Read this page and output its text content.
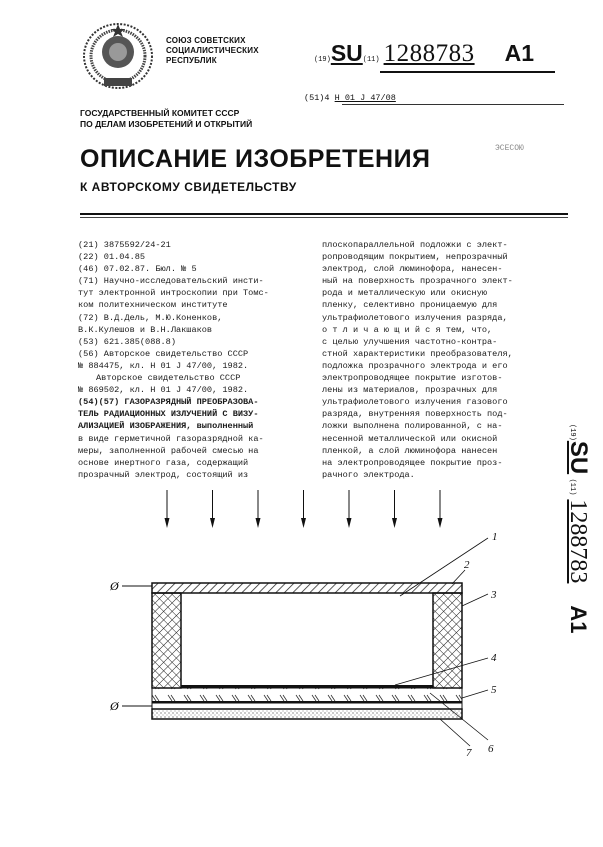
СОЮЗ СОВЕТСКИХ
СОЦИАЛИСТИЧЕСКИХ
РЕСПУБЛИК
ГОСУДАРСТВЕННЫЙ КОМИТЕТ СССР
ПО ДЕЛАМ ИЗОБРЕТЕНИЙ И ОТКРЫТИЙ
(19)SU(11) 1288783 A1
(51)4 H 01 J 47/08
ОПИСАНИЕ ИЗОБРЕТЕНИЯ
К АВТОРСКОМУ СВИДЕТЕЛЬСТВУ
ЭСЕСОЮ
(21) 3875592/24-21
(22) 01.04.85
(46) 07.02.87. Бюл. № 5
(71) Научно-исследовательский инсти-
тут электронной интроскопии при Томс-
ком политехническом институте
(72) В.Д.Дель, М.Ю.Коненков,
В.К.Кулешов и В.Н.Лакшаков
(53) 621.385(088.8)
(56) Авторское свидетельство СССР
№ 884475, кл. H 01 J 47/00, 1982.
Авторское свидетельство СССР
№ 869502, кл. H 01 J 47/00, 1982.
(54)(57) ГАЗОРАЗРЯДНЫЙ ПРЕОБРАЗОВА-
ТЕЛЬ РАДИАЦИОННЫХ ИЗЛУЧЕНИЙ С ВИЗУ-
АЛИЗАЦИЕЙ ИЗОБРАЖЕНИЯ, выполненный
в виде герметичной газоразрядной ка-
меры, заполненной рабочей смесью на
основе инертного газа, содержащий
прозрачный электрод, состоящий из
плоскопараллельной подложки с элект-
ропроводящим покрытием, непрозрачный
электрод, слой люминофора, нанесен-
ный на поверхность прозрачного элект-
рода и металлическую или окисную
пленку, селективно проницаемую для
ультрафиолетового излучения разряда,
о т л и ч а ю щ и й с я тем, что,
с целью улучшения частотно-контра-
стной характеристики преобразователя,
подложка прозрачного электрода и его
электропроводящее покрытие изготов-
лены из материалов, прозрачных для
ультрафиолетового излучения газового
разряда, внутренняя поверхность под-
ложки выполнена полированной, с на-
несенной металлической или окисной
пленкой, а слой люминофора нанесен
на электропроводящее покрытие проз-
рачного электрода.
(19)SU (11)1288783A1
Ø
Ø
1
2
3
4
5
6
7
